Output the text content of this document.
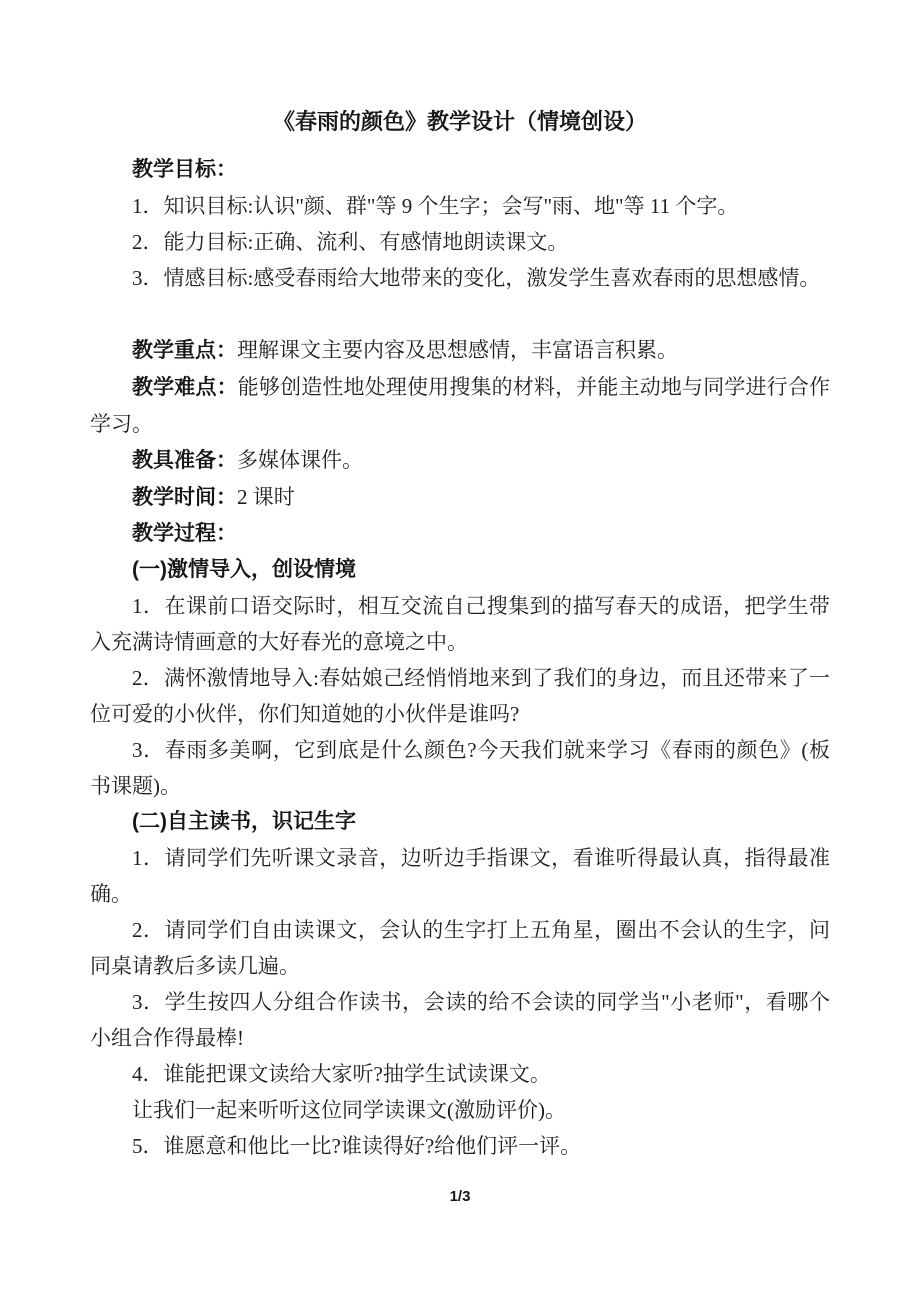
《春雨的颜色》教学设计（情境创设）

教学目标：

1．知识目标:认识"颜、群"等 9 个生字；会写"雨、地"等 11 个字。

2．能力目标:正确、流利、有感情地朗读课文。

3．情感目标:感受春雨给大地带来的变化，激发学生喜欢春雨的思想感情。

教学重点：理解课文主要内容及思想感情，丰富语言积累。

教学难点：能够创造性地处理使用搜集的材料，并能主动地与同学进行合作学习。

教具准备：多媒体课件。

教学时间：2 课时

教学过程：

(一)激情导入，创设情境

1．在课前口语交际时，相互交流自己搜集到的描写春天的成语，把学生带入充满诗情画意的大好春光的意境之中。

2．满怀激情地导入:春姑娘己经悄悄地来到了我们的身边，而且还带来了一位可爱的小伙伴，你们知道她的小伙伴是谁吗?

3．春雨多美啊，它到底是什么颜色?今天我们就来学习《春雨的颜色》(板书课题)。

(二)自主读书，识记生字

1．请同学们先听课文录音，边听边手指课文，看谁听得最认真，指得最准确。

2．请同学们自由读课文，会认的生字打上五角星，圈出不会认的生字，问同桌请教后多读几遍。

3．学生按四人分组合作读书，会读的给不会读的同学当"小老师"，看哪个小组合作得最棒!

4．谁能把课文读给大家听?抽学生试读课文。

让我们一起来听听这位同学读课文(激励评价)。

5．谁愿意和他比一比?谁读得好?给他们评一评。

1/3
